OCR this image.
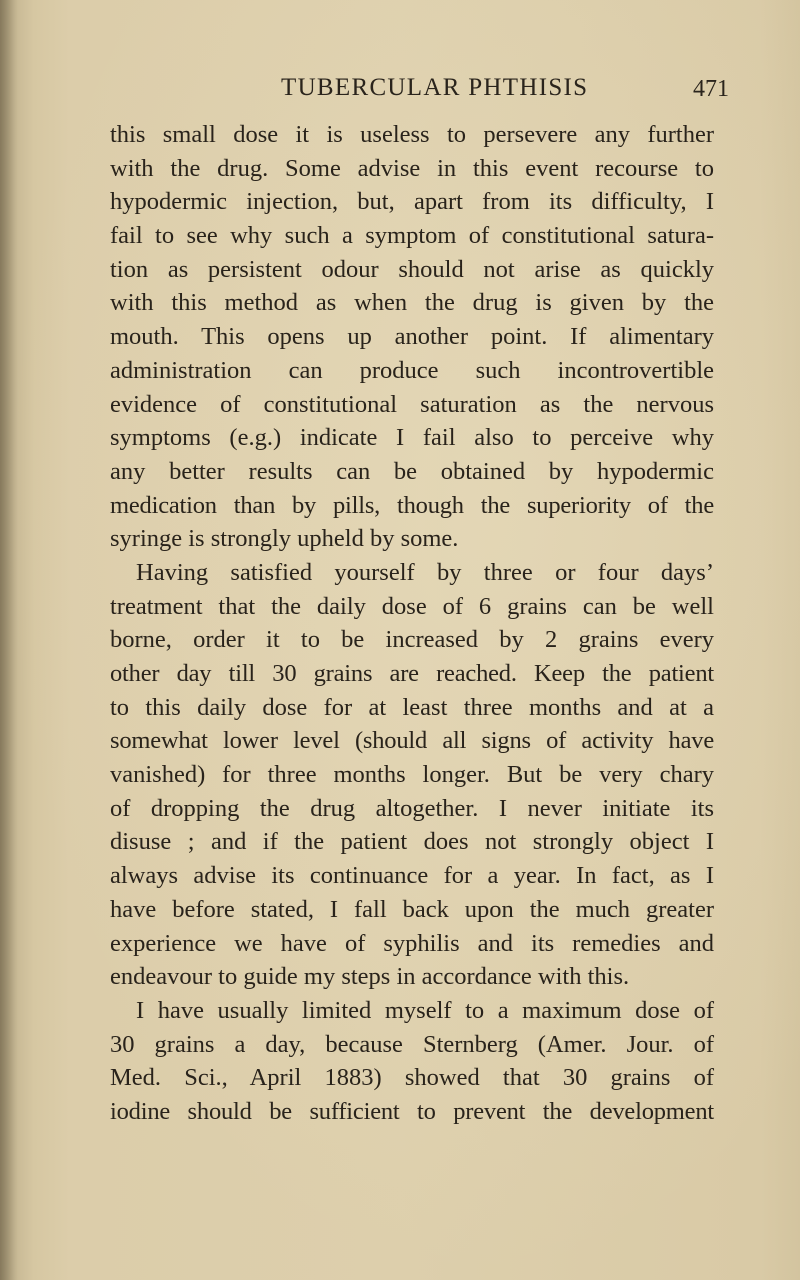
TUBERCULAR PHTHISIS	471
this small dose it is useless to persevere any further
with the drug. Some advise in this event recourse to
hypodermic injection, but, apart from its difficulty, I
fail to see why such a symptom of constitutional satura-
tion as persistent odour should not arise as quickly
with this method as when the drug is given by the
mouth. This opens up another point. If alimentary
administration can produce such incontrovertible
evidence of constitutional saturation as the nervous
symptoms (e.g.) indicate I fail also to perceive why
any better results can be obtained by hypodermic
medication than by pills, though the superiority of the
syringe is strongly upheld by some.
Having satisfied yourself by three or four days’
treatment that the daily dose of 6 grains can be well
borne, order it to be increased by 2 grains every
other day till 30 grains are reached. Keep the patient
to this daily dose for at least three months and at a
somewhat lower level (should all signs of activity have
vanished) for three months longer. But be very chary
of dropping the drug altogether. I never initiate its
disuse ; and if the patient does not strongly object I
always advise its continuance for a year. In fact, as I
have before stated, I fall back upon the much greater
experience we have of syphilis and its remedies and
endeavour to guide my steps in accordance with this.
I have usually limited myself to a maximum dose of
30 grains a day, because Sternberg (Amer. Jour. of
Med. Sci., April 1883) showed that 30 grains of
iodine should be sufficient to prevent the development
